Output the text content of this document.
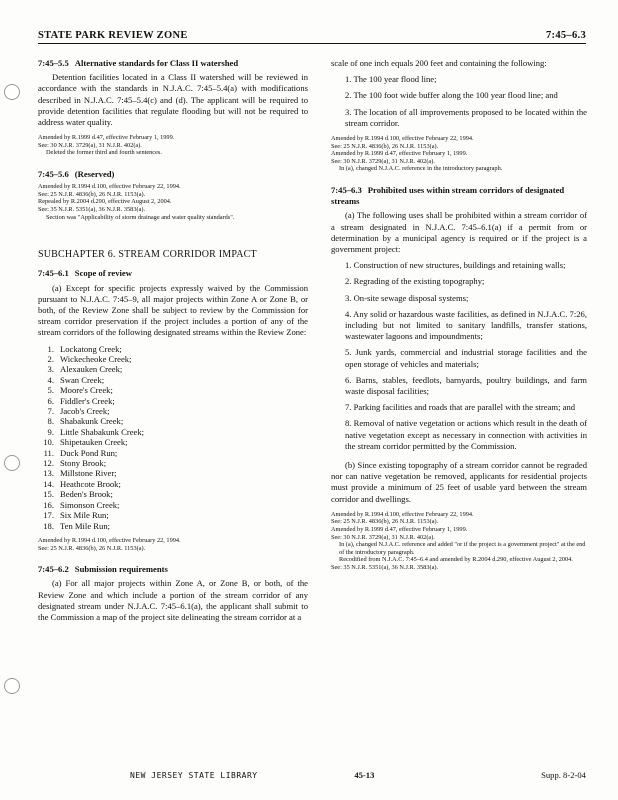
STATE PARK REVIEW ZONE	7:45–6.3
7:45–5.5 Alternative standards for Class II watershed

Detention facilities located in a Class II watershed will be reviewed in accordance with the standards in N.J.A.C. 7:45–5.4(a) with modifications described in N.J.A.C. 7:45–5.4(c) and (d). The applicant will be required to provide detention facilities that regulate flooding but will not be required to address water quality.

Amended by R.1999 d.47, effective February 1, 1999.
See: 30 N.J.R. 3729(a), 31 N.J.R. 402(a).
Deleted the former third and fourth sentences.
7:45–5.6 (Reserved)
Amended by R.1994 d.100, effective February 22, 1994.
See: 25 N.J.R. 4836(b), 26 N.J.R. 1153(a).
Repealed by R.2004 d.290, effective August 2, 2004.
See: 35 N.J.R. 5351(a), 36 N.J.R. 3583(a).
Section was "Applicability of storm drainage and water quality standards".
SUBCHAPTER 6. STREAM CORRIDOR IMPACT
7:45–6.1 Scope of review

(a) Except for specific projects expressly waived by the Commission pursuant to N.J.A.C. 7:45–9, all major projects within Zone A or Zone B, or both, of the Review Zone shall be subject to review by the Commission for stream corridor preservation if the project includes a portion of any of the stream corridors of the following designated streams within the Review Zone:

1. Lockatong Creek;
2. Wickecheoke Creek;
3. Alexauken Creek;
4. Swan Creek;
5. Moore's Creek;
6. Fiddler's Creek;
7. Jacob's Creek;
8. Shabakunk Creek;
9. Little Shabakunk Creek;
10. Shipetauken Creek;
11. Duck Pond Run;
12. Stony Brook;
13. Millstone River;
14. Heathcote Brook;
15. Beden's Brook;
16. Simonson Creek;
17. Six Mile Run;
18. Ten Mile Run;
Amended by R.1994 d.100, effective February 22, 1994.
See: 25 N.J.R. 4836(b), 26 N.J.R. 1153(a).
7:45–6.2 Submission requirements

(a) For all major projects within Zone A, or Zone B, or both, of the Review Zone and which include a portion of the stream corridor of any designated stream under N.J.A.C. 7:45–6.1(a), the applicant shall submit to the Commission a map of the project site delineating the stream corridor at a

scale of one inch equals 200 feet and containing the following:

1. The 100 year flood line;

2. The 100 foot wide buffer along the 100 year flood line; and

3. The location of all improvements proposed to be located within the stream corridor.

Amended by R.1994 d.100, effective February 22, 1994.
See: 25 N.J.R. 4836(b), 26 N.J.R. 1153(a).
Amended by R.1999 d.47, effective February 1, 1999.
See: 30 N.J.R. 3729(a), 31 N.J.R. 402(a).
In (a), changed N.J.A.C. reference in the introductory paragraph.
7:45–6.3 Prohibited uses within stream corridors of designated streams

(a) The following uses shall be prohibited within a stream corridor of a stream designated in N.J.A.C. 7:45–6.1(a) if a permit from or determination by a municipal agency is required or if the project is a government project:

1. Construction of new structures, buildings and retaining walls;

2. Regrading of the existing topography;

3. On-site sewage disposal systems;

4. Any solid or hazardous waste facilities, as defined in N.J.A.C. 7:26, including but not limited to sanitary landfills, transfer stations, wastewater lagoons and impoundments;

5. Junk yards, commercial and industrial storage facilities and the open storage of vehicles and materials;

6. Barns, stables, feedlots, barnyards, poultry buildings, and farm waste disposal facilities;

7. Parking facilities and roads that are parallel with the stream; and

8. Removal of native vegetation or actions which result in the death of native vegetation except as necessary in connection with activities in the stream corridor permitted by the Commission.

(b) Since existing topography of a stream corridor cannot be regraded nor can native vegetation be removed, applicants for residential projects must provide a minimum of 25 feet of usable yard between the stream corridor and dwellings.

Amended by R.1994 d.100, effective February 22, 1994.
See: 25 N.J.R. 4836(b), 26 N.J.R. 1153(a).
Amended by R.1999 d.47, effective February 1, 1999.
See: 30 N.J.R. 3729(a), 31 N.J.R. 402(a).
In (a), changed N.J.A.C. reference and added "or if the project is a government project" at the end of the introductory paragraph.
Recodified from N.J.A.C. 7:45–6.4 and amended by R.2004 d.290, effective August 2, 2004.
See: 35 N.J.R. 5351(a), 36 N.J.R. 3583(a).
NEW JERSEY STATE LIBRARY	45-13	Supp. 8-2-04
